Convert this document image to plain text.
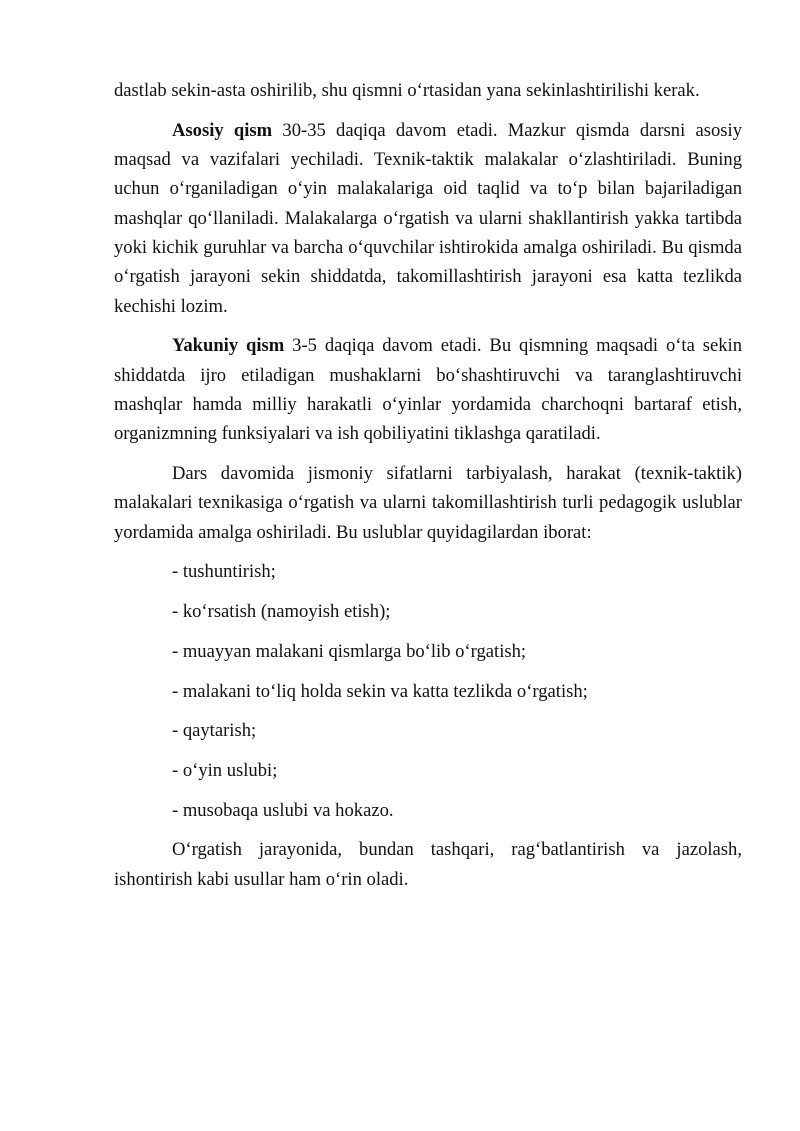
dastlab sekin-asta oshirilib, shu qismni o‘rtasidan yana sekinlashtirilishi kerak.

Asosiy qism 30-35 daqiqa davom etadi. Mazkur qismda darsni asosiy maqsad va vazifalari yechiladi. Texnik-taktik malakalar o‘zlashtiriladi. Buning uchun o‘rganiladigan o‘yin malakalariga oid taqlid va to‘p bilan bajariladigan mashqlar qo‘llaniladi. Malakalarga o‘rgatish va ularni shakllantirish yakka tartibda yoki kichik guruhlar va barcha o‘quvchilar ishtirokida amalga oshiriladi. Bu qismda o‘rgatish jarayoni sekin shiddatda, takomillashtirish jarayoni esa katta tezlikda kechishi lozim.

Yakuniy qism 3-5 daqiqa davom etadi. Bu qismning maqsadi o‘ta sekin shiddatda ijro etiladigan mushaklarni bo‘shashtiruvchi va taranglashtiruvchi mashqlar hamda milliy harakatli o‘yinlar yordamida charchoqni bartaraf etish, organizmning funksiyalari va ish qobiliyatini tiklashga qaratiladi.

Dars davomida jismoniy sifatlarni tarbiyalash, harakat (texnik-taktik) malakalari texnikasiga o‘rgatish va ularni takomillashtirish turli pedagogik uslublar yordamida amalga oshiriladi. Bu uslublar quyidagilardan iborat:

- tushuntirish;

- ko‘rsatish (namoyish etish);

- muayyan malakani qismlarga bo‘lib o‘rgatish;

- malakani to‘liq holda sekin va katta tezlikda o‘rgatish;

- qaytarish;

- o‘yin uslubi;

- musobaqa uslubi va hokazo.

O‘rgatish jarayonida, bundan tashqari, rag‘batlantirish va jazolash, ishontirish kabi usullar ham o‘rin oladi.
